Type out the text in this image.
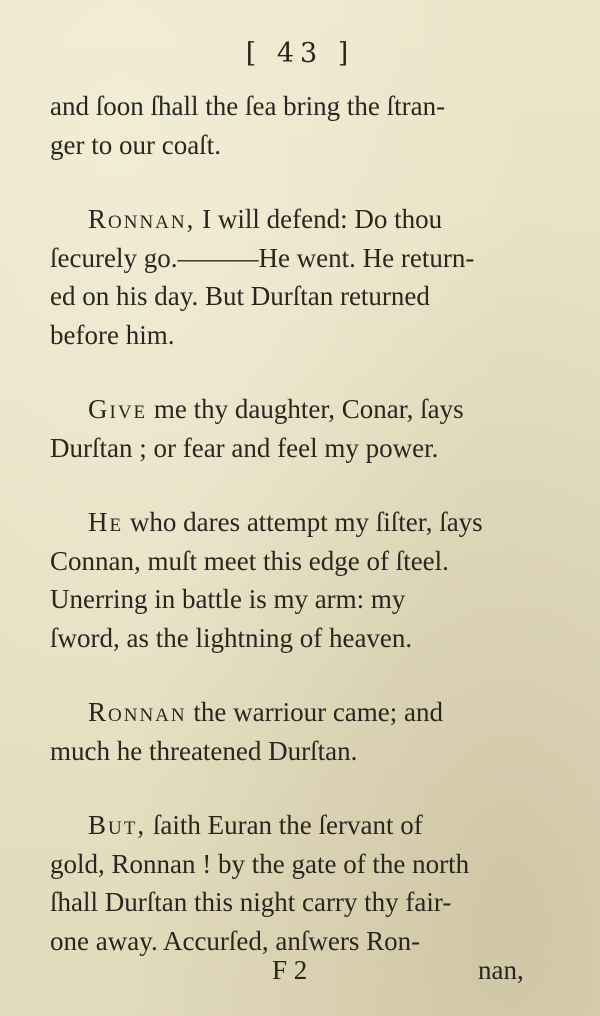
[ 43 ]
and ſoon ſhall the ſea bring the ſtran-
ger to our coaſt.
Ronnan, I will defend: Do thou
ſecurely go.———He went. He return-
ed on his day. But Durſtan returned
before him.
Give me thy daughter, Conar, ſays
Durſtan ; or fear and feel my power.
He who dares attempt my ſiſter, ſays
Connan, muſt meet this edge of ſteel.
Unerring in battle is my arm: my
ſword, as the lightning of heaven.
Ronnan the warriour came; and
much he threatened Durſtan.
But, ſaith Euran the ſervant of
gold, Ronnan ! by the gate of the north
ſhall Durſtan this night carry thy fair-
one away. Accurſed, anſwers Ron-
F 2	nan,
